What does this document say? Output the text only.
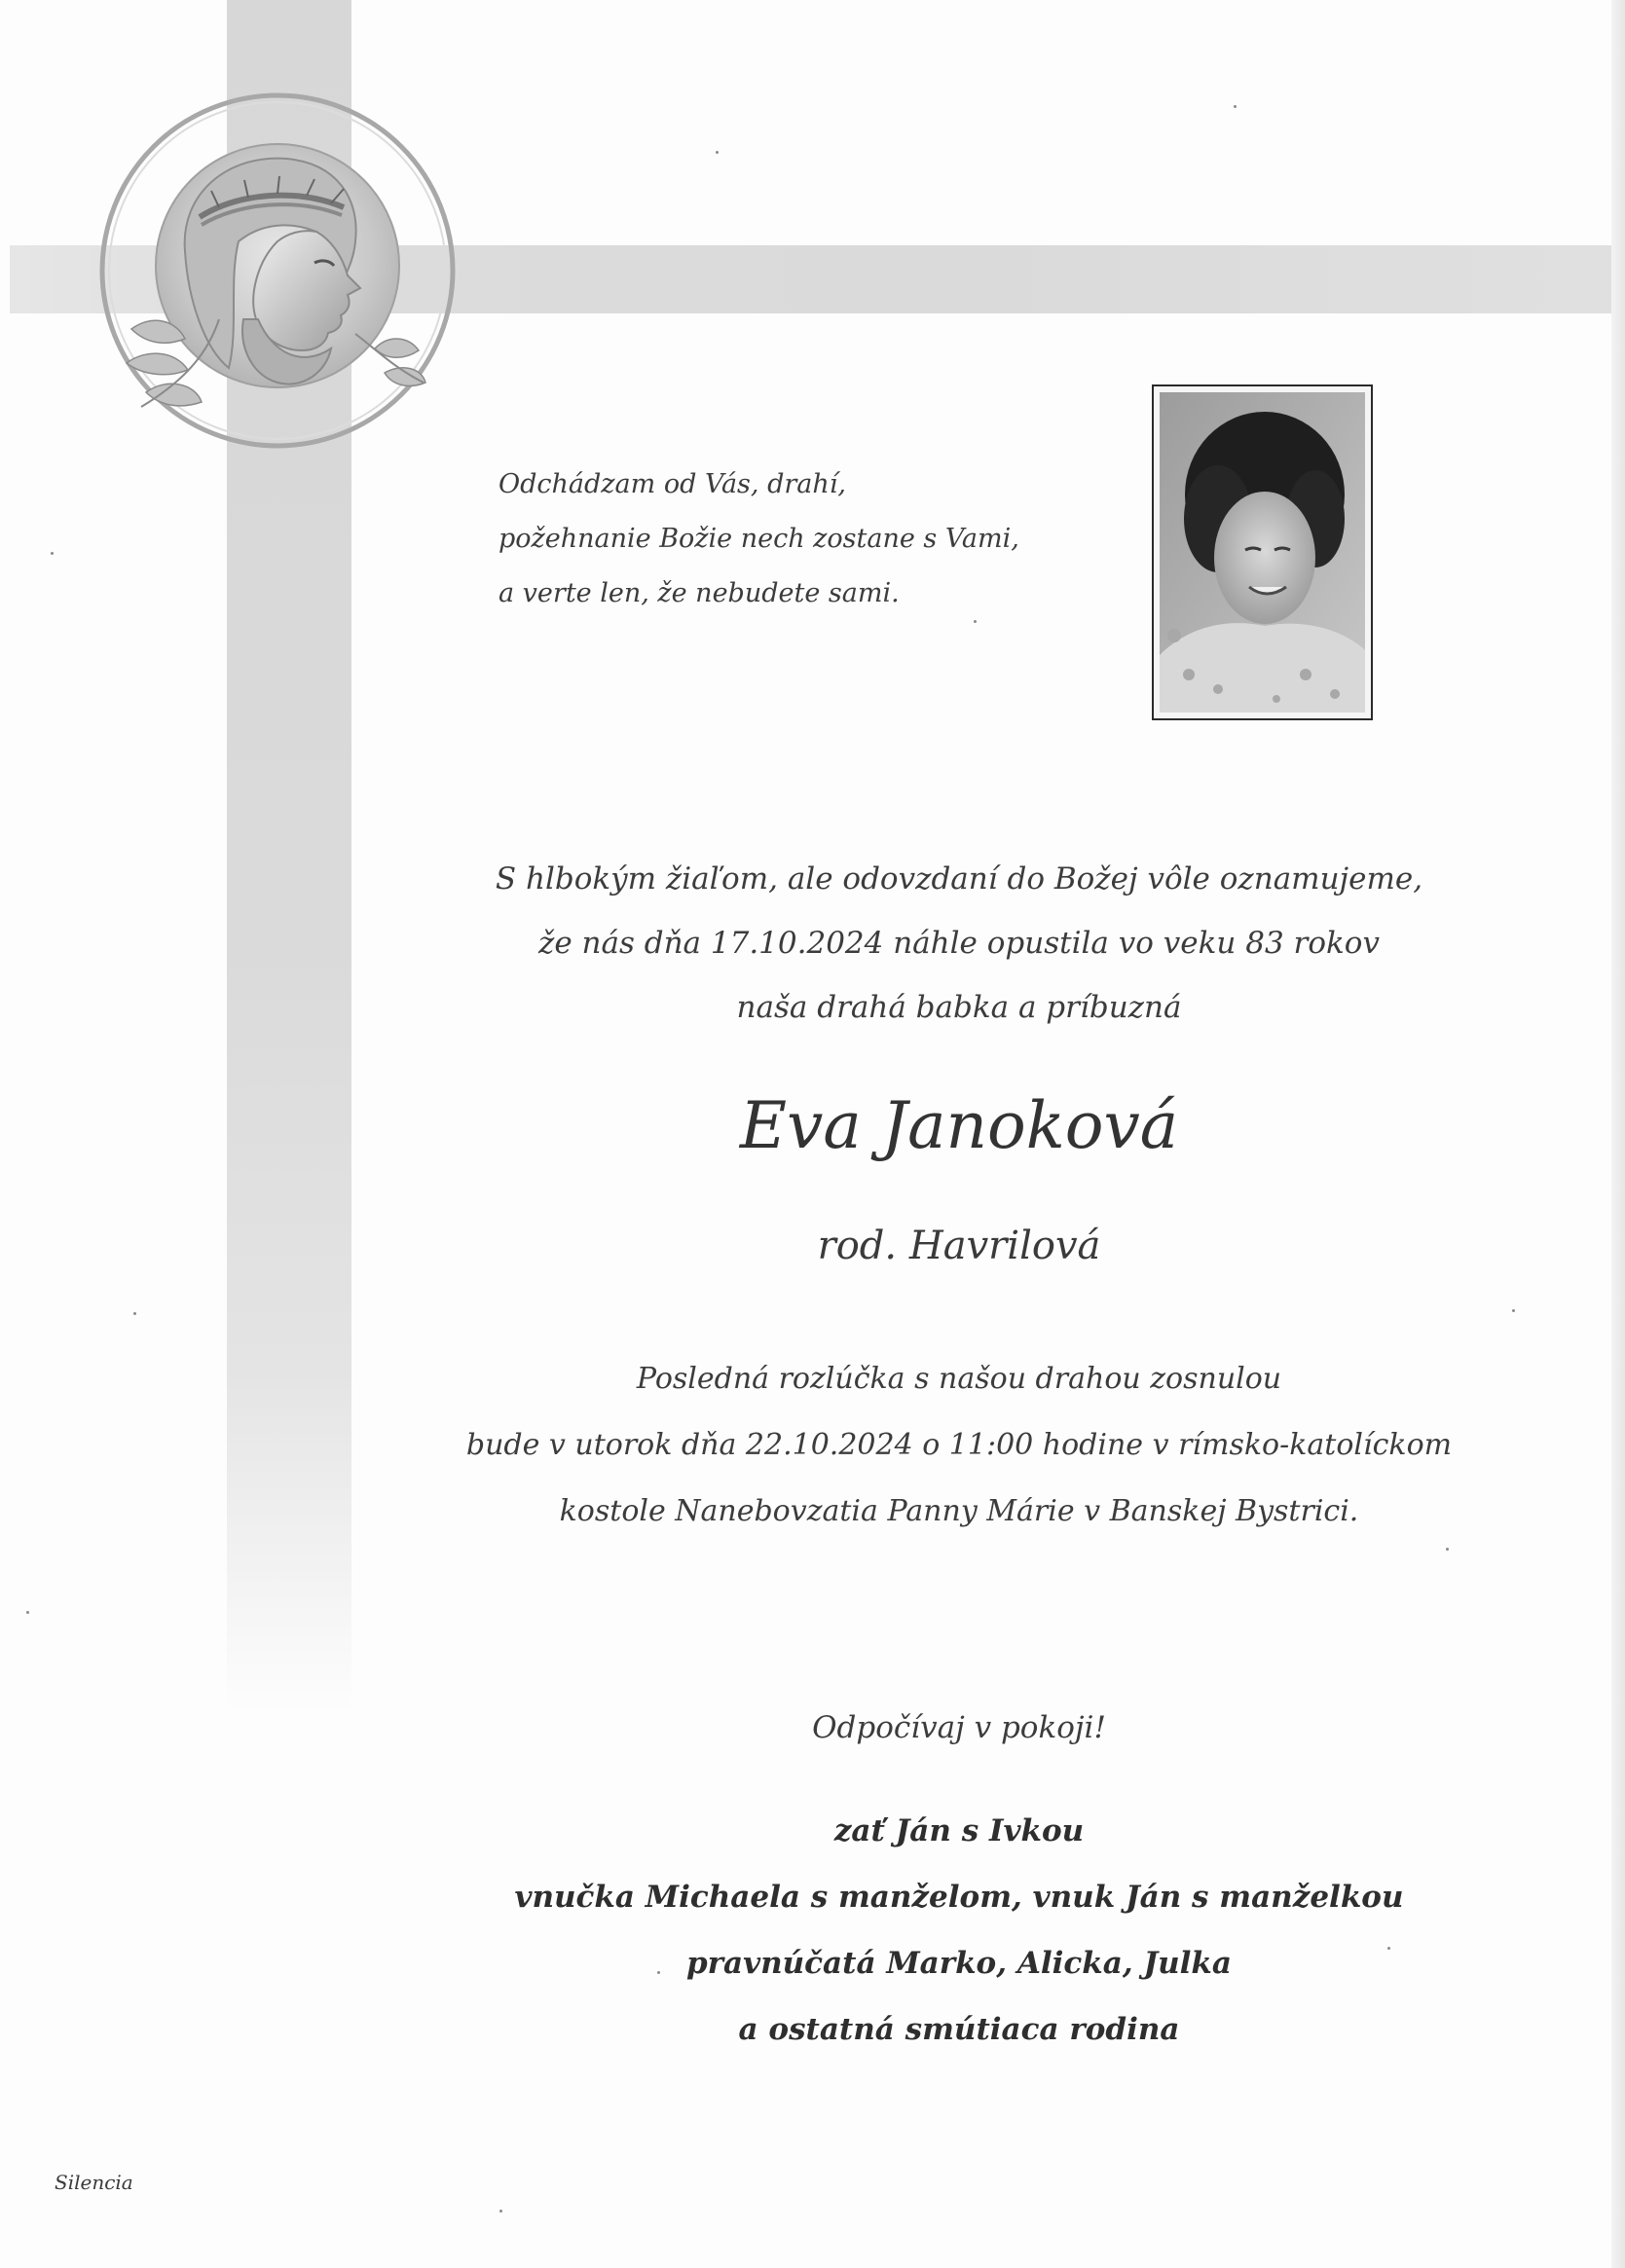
Odchádzam od Vás, drahí,
požehnanie Božie nech zostane s Vami,
a verte len, že nebudete sami.
S hlbokým žiaľom, ale odovzdaní do Božej vôle oznamujeme,
že nás dňa 17.10.2024 náhle opustila vo veku 83 rokov
naša drahá babka a príbuzná
Eva Janoková
rod. Havrilová
Posledná rozlúčka s našou drahou zosnulou
bude v utorok dňa 22.10.2024 o 11:00 hodine v rímsko-katolíckom
kostole Nanebovzatia Panny Márie v Banskej Bystrici.
Odpočívaj v pokoji!
zať Ján s Ivkou
vnučka Michaela s manželom, vnuk Ján s manželkou
pravnúčatá Marko, Alicka, Julka
a ostatná smútiaca rodina
Silencia
